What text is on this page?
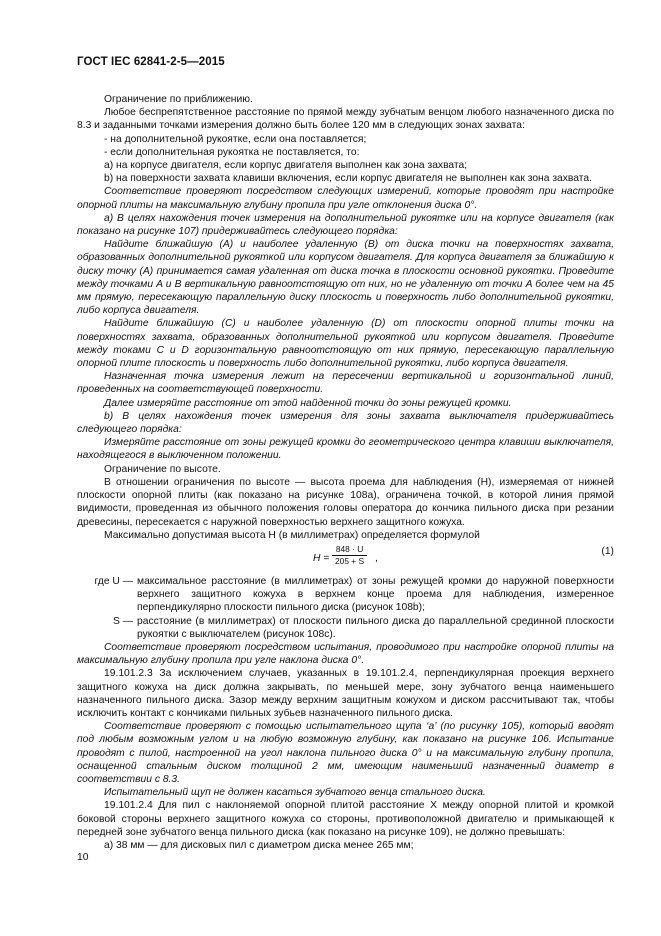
ГОСТ IEC 62841-2-5—2015

Ограничение по приближению.

Любое беспрепятственное расстояние по прямой между зубчатым венцом любого назначенного диска по 8.3 и заданными точками измерения должно быть более 120 мм в следующих зонах захвата:

- на дополнительной рукоятке, если она поставляется;

- если дополнительная рукоятка не поставляется, то:

a) на корпусе двигателя, если корпус двигателя выполнен как зона захвата;

b) на поверхности захвата клавиши включения, если корпус двигателя не выполнен как зона захвата.

Соответствие проверяют посредством следующих измерений, которые проводят при настройке опорной плиты на максимальную глубину пропила при угле отклонения диска 0°.

a) В целях нахождения точек измерения на дополнительной рукоятке или на корпусе двигателя (как показано на рисунке 107) придерживайтесь следующего порядка:

Найдите ближайшую (A) и наиболее удаленную (B) от диска точки на поверхностях захвата, образованных дополнительной рукояткой или корпусом двигателя. Для корпуса двигателя за ближайшую к диску точку (A) принимается самая удаленная от диска точка в плоскости основной рукоятки. Проведите между точками A и B вертикальную равноотстоящую от них, но не удаленную от точки A более чем на 45 мм прямую, пересекающую параллельную диску плоскость и поверхность либо дополнительной рукоятки, либо корпуса двигателя.

Найдите ближайшую (C) и наиболее удаленную (D) от плоскости опорной плиты точки на поверхностях захвата, образованных дополнительной рукояткой или корпусом двигателя. Проведите между токами C и D горизонтальную равноотстоящую от них прямую, пересекающую параллельную опорной плите плоскость и поверхность либо дополнительной рукоятки, либо корпуса двигателя.

Назначенная точка измерения лежит на пересечении вертикальной и горизонтальной линий, проведенных на соответствующей поверхности.

Далее измеряйте расстояние от этой найденной точки до зоны режущей кромки.

b) В целях нахождения точек измерения для зоны захвата выключателя придерживайтесь следующего порядка:

Измеряйте расстояние от зоны режущей кромки до геометрического центра клавиши выключателя, находящегося в выключенном положении.

Ограничение по высоте.

В отношении ограничения по высоте — высота проема для наблюдения (H), измеряемая от нижней плоскости опорной плиты (как показано на рисунке 108a), ограничена точкой, в которой линия прямой видимости, проведенная из обычного положения головы оператора до кончика пильного диска при резании древесины, пересекается с наружной поверхностью верхнего защитного кожуха.

Максимально допустимая высота H (в миллиметрах) определяется формулой

$H = \frac{848 \cdot U}{205 + S}$ ,
(1)
где U — максимальное расстояние (в миллиметрах) от зоны режущей кромки до наружной поверхности верхнего защитного кожуха в верхнем конце проема для наблюдения, измеренное перпендикулярно плоскости пильного диска (рисунок 108b);
S — расстояние (в миллиметрах) от плоскости пильного диска до параллельной срединной плоскости рукоятки с выключателем (рисунок 108c).

Соответствие проверяют посредством испытания, проводимого при настройке опорной плиты на максимальную глубину пропила при угле наклона диска 0°.

19.101.2.3 За исключением случаев, указанных в 19.101.2.4, перпендикулярная проекция верхнего защитного кожуха на диск должна закрывать, по меньшей мере, зону зубчатого венца наименьшего назначенного пильного диска. Зазор между верхним защитным кожухом и диском рассчитывают так, чтобы исключить контакт с кончиками пильных зубьев назначенного пильного диска.

Соответствие проверяют с помощью испытательного щупа ‘а’ (по рисунку 105), который вводят под любым возможным углом и на любую возможную глубину, как показано на рисунке 106. Испытание проводят с пилой, настроенной на угол наклона пильного диска 0° и на максимальную глубину пропила, оснащенной стальным диском толщиной 2 мм, имеющим наименьший назначенный диаметр в соответствии с 8.3.

Испытательный щуп не должен касаться зубчатого венца стального диска.

19.101.2.4 Для пил с наклоняемой опорной плитой расстояние X между опорной плитой и кромкой боковой стороны верхнего защитного кожуха со стороны, противоположной двигателю и примыкающей к передней зоне зубчатого венца пильного диска (как показано на рисунке 109), не должно превышать:

a) 38 мм — для дисковых пил с диаметром диска менее 265 мм;

10
